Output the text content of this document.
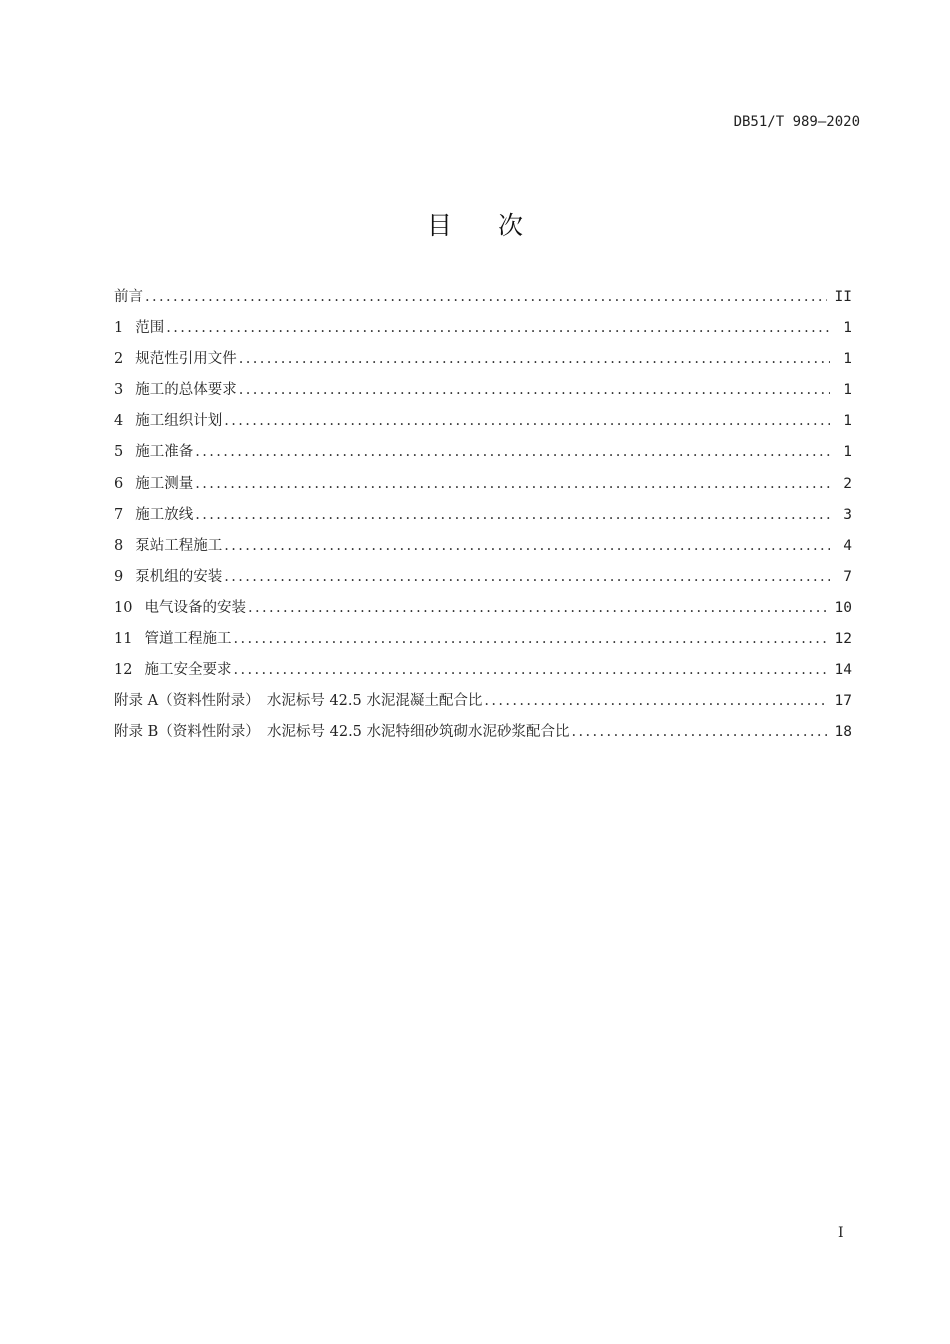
DB51/T 989—2020
目次
前言 .....	II
1 范围 .....	1
2 规范性引用文件 .....	1
3 施工的总体要求 .....	1
4 施工组织计划 .....	1
5 施工准备 .....	1
6 施工测量 .....	2
7 施工放线 .....	3
8 泵站工程施工 .....	4
9 泵机组的安装 .....	7
10 电气设备的安装 .....	10
11 管道工程施工 .....	12
12 施工安全要求 .....	14
附录 A（资料性附录）　水泥标号 42.5 水泥混凝土配合比 .....	17
附录 B（资料性附录）　水泥标号 42.5 水泥特细砂筑砌水泥砂浆配合比 .....	18
I
